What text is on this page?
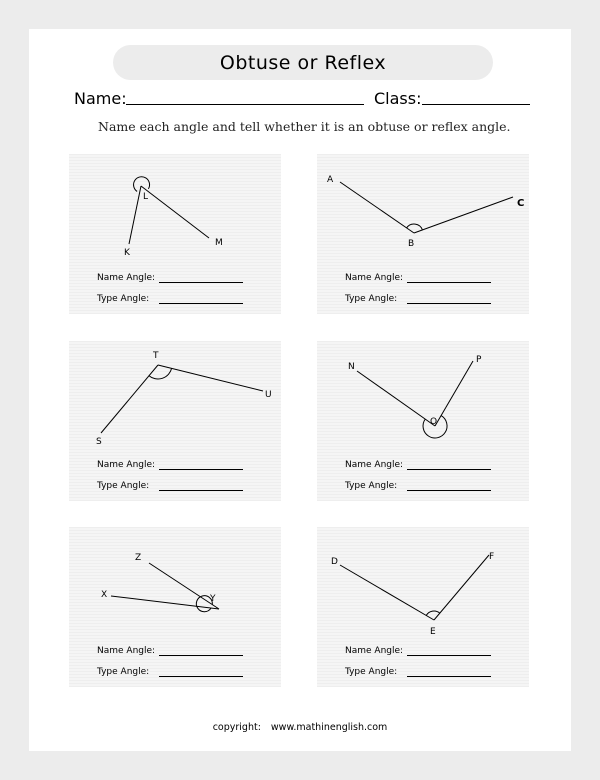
Obtuse or Reflex
Name:	Class:
Name each angle and tell whether it is an obtuse or reflex angle.
L
K
M
Name Angle:
Type Angle:
A
B
C
Name Angle:
Type Angle:
T
S
U
Name Angle:
Type Angle:
N
P
O
Name Angle:
Type Angle:
Z
X	Y
Name Angle:
Type Angle:
D	F
E
Name Angle:
Type Angle:
copyright: www.mathinenglish.com
